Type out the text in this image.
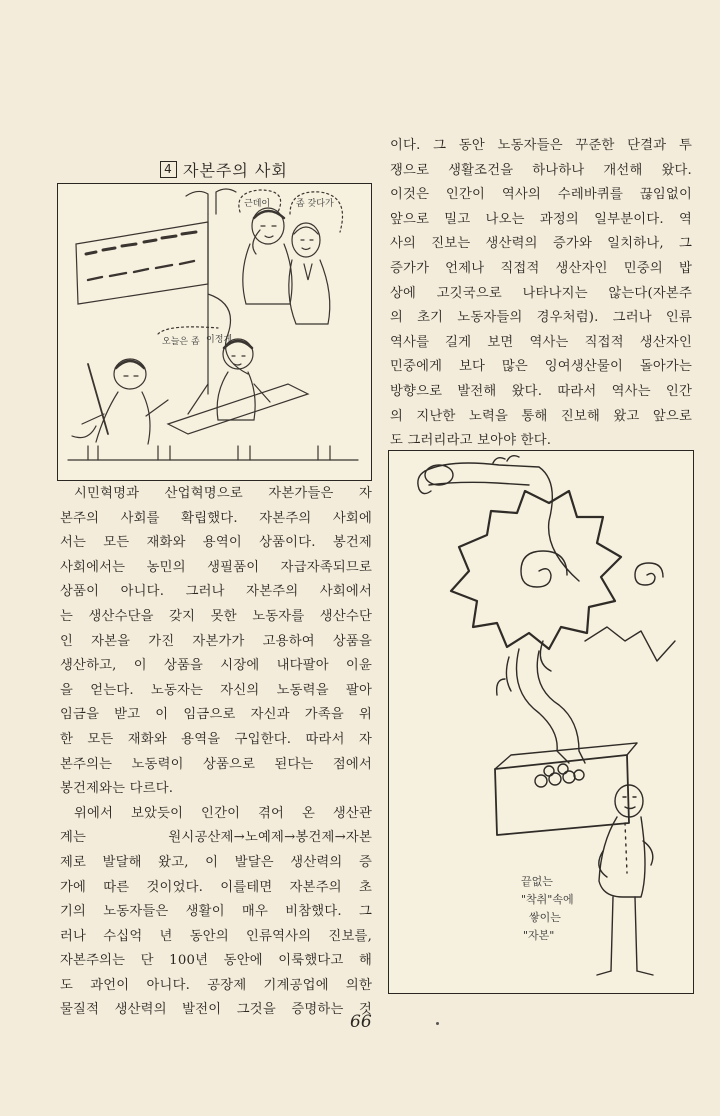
4 자본주의 사회
근데이	좀 갖다가
오늘은 좀 이정게
시민혁명과 산업혁명으로 자본가들은 자
본주의 사회를 확립했다. 자본주의 사회에
서는 모든 재화와 용역이 상품이다. 봉건제
사회에서는 농민의 생필품이 자급자족되므로
상품이 아니다. 그러나 자본주의 사회에서
는 생산수단을 갖지 못한 노동자를 생산수단
인 자본을 가진 자본가가 고용하여 상품을
생산하고, 이 상품을 시장에 내다팔아 이윤
을 얻는다. 노동자는 자신의 노동력을 팔아
임금을 받고 이 임금으로 자신과 가족을 위
한 모든 재화와 용역을 구입한다. 따라서 자
본주의는 노동력이 상품으로 된다는 점에서
봉건제와는 다르다.
위에서 보았듯이 인간이 겪어 온 생산관
계는 원시공산제→노예제→봉건제→자본
제로 발달해 왔고, 이 발달은 생산력의 증
가에 따른 것이었다. 이를테면 자본주의 초
기의 노동자들은 생활이 매우 비참했다. 그
러나 수십억 년 동안의 인류역사의 진보를,
자본주의는 단 100년 동안에 이룩했다고 해
도 과언이 아니다. 공장제 기계공업에 의한
물질적 생산력의 발전이 그것을 증명하는 것
이다. 그 동안 노동자들은 꾸준한 단결과 투
쟁으로 생활조건을 하나하나 개선해 왔다.
이것은 인간이 역사의 수레바퀴를 끊임없이
앞으로 밀고 나오는 과정의 일부분이다. 역
사의 진보는 생산력의 증가와 일치하나, 그
증가가 언제나 직접적 생산자인 민중의 밥
상에 고깃국으로 나타나지는 않는다(자본주
의 초기 노동자들의 경우처럼). 그러나 인류
역사를 길게 보면 역사는 직접적 생산자인
민중에게 보다 많은 잉여생산물이 돌아가는
방향으로 발전해 왔다. 따라서 역사는 인간
의 지난한 노력을 통해 진보해 왔고 앞으로
도 그러리라고 보아야 한다.
끝없는
"착취"속에
쌓이는
"자본"
66
